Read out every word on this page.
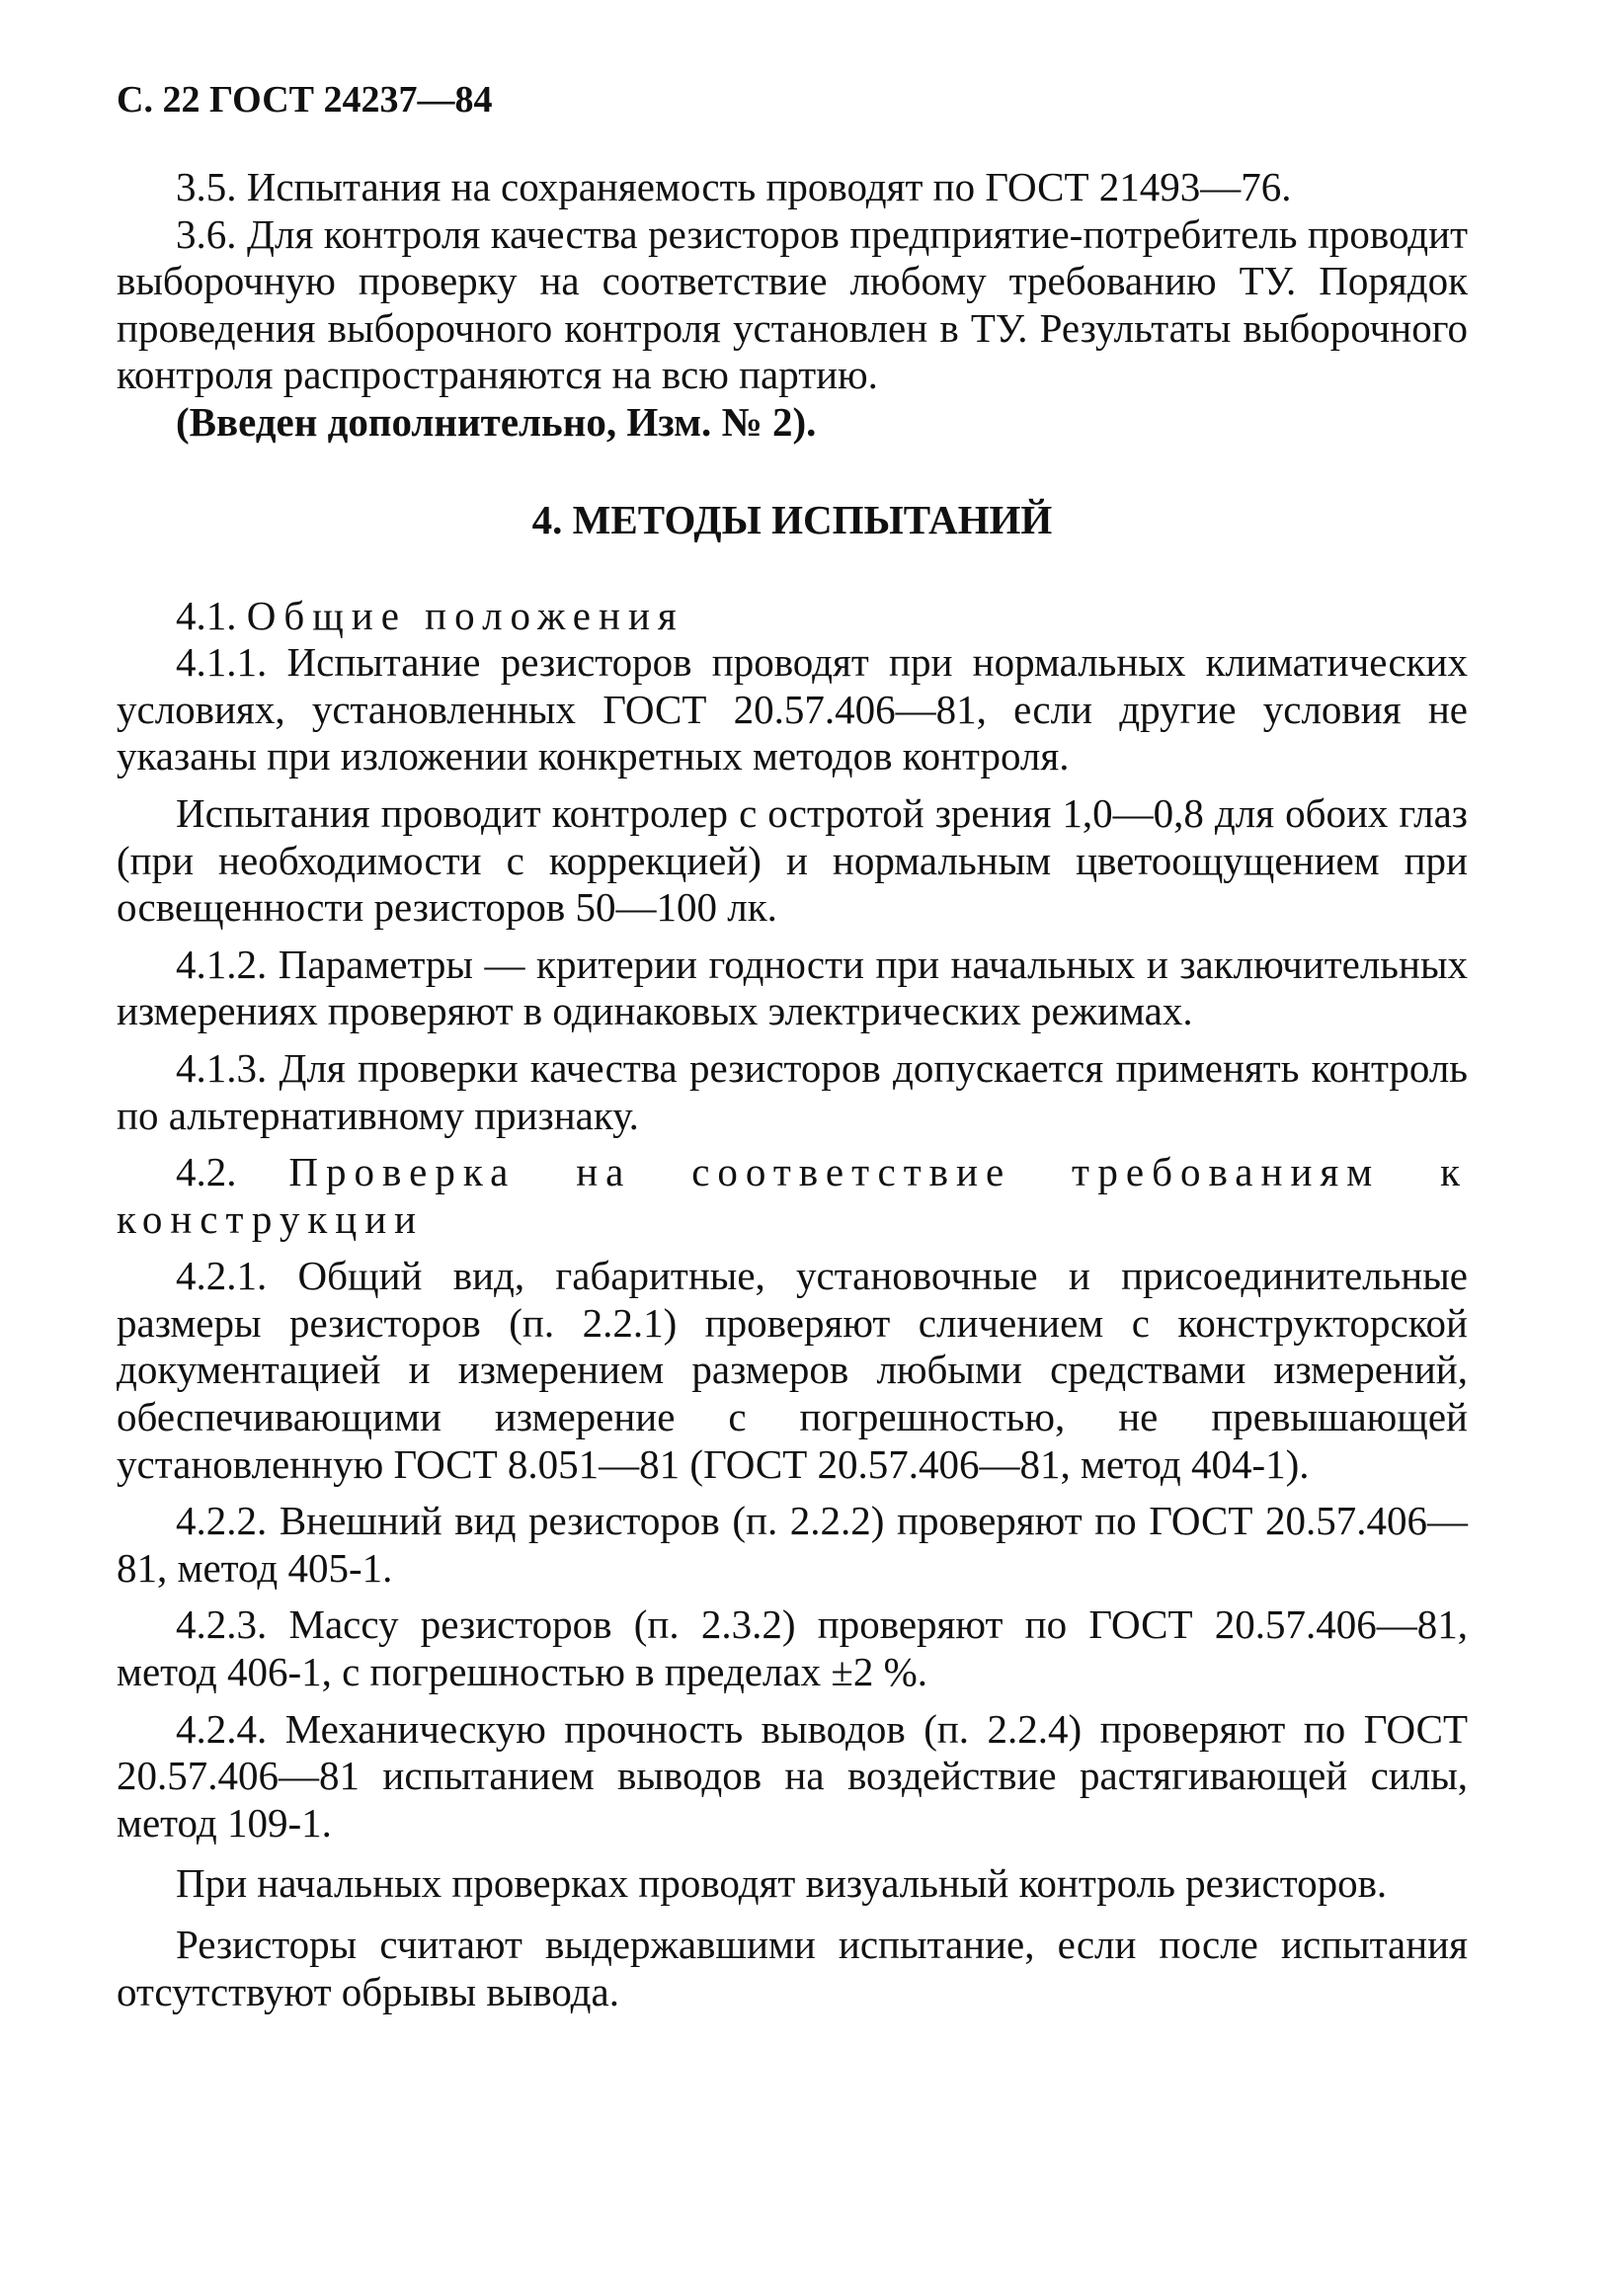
С. 22 ГОСТ 24237—84

3.5. Испытания на сохраняемость проводят по ГОСТ 21493—76.

3.6. Для контроля качества резисторов предприятие-потребитель проводит выборочную проверку на соответствие любому требованию ТУ. Порядок проведения выборочного контроля установлен в ТУ. Результаты выборочного контроля распространяются на всю партию.

(Введен дополнительно, Изм. № 2).

4. МЕТОДЫ ИСПЫТАНИЙ

4.1. Общие положения

4.1.1. Испытание резисторов проводят при нормальных климатических условиях, установленных ГОСТ 20.57.406—81, если другие условия не указаны при изложении конкретных методов контроля.

Испытания проводит контролер с остротой зрения 1,0—0,8 для обоих глаз (при необходимости с коррекцией) и нормальным цветоощущением при освещенности резисторов 50—100 лк.

4.1.2. Параметры — критерии годности при начальных и заключительных измерениях проверяют в одинаковых электрических режимах.

4.1.3. Для проверки качества резисторов допускается применять контроль по альтернативному признаку.

4.2. Проверка на соответствие требованиям к конструкции

4.2.1. Общий вид, габаритные, установочные и присоединительные размеры резисторов (п. 2.2.1) проверяют сличением с конструкторской документацией и измерением размеров любыми средствами измерений, обеспечивающими измерение с погрешностью, не превышающей установленную ГОСТ 8.051—81 (ГОСТ 20.57.406—81, метод 404-1).

4.2.2. Внешний вид резисторов (п. 2.2.2) проверяют по ГОСТ 20.57.406—81, метод 405-1.

4.2.3. Массу резисторов (п. 2.3.2) проверяют по ГОСТ 20.57.406—81, метод 406-1, с погрешностью в пределах ±2 %.

4.2.4. Механическую прочность выводов (п. 2.2.4) проверяют по ГОСТ 20.57.406—81 испытанием выводов на воздействие растягивающей силы, метод 109-1.

При начальных проверках проводят визуальный контроль резисторов.

Резисторы считают выдержавшими испытание, если после испытания отсутствуют обрывы вывода.
